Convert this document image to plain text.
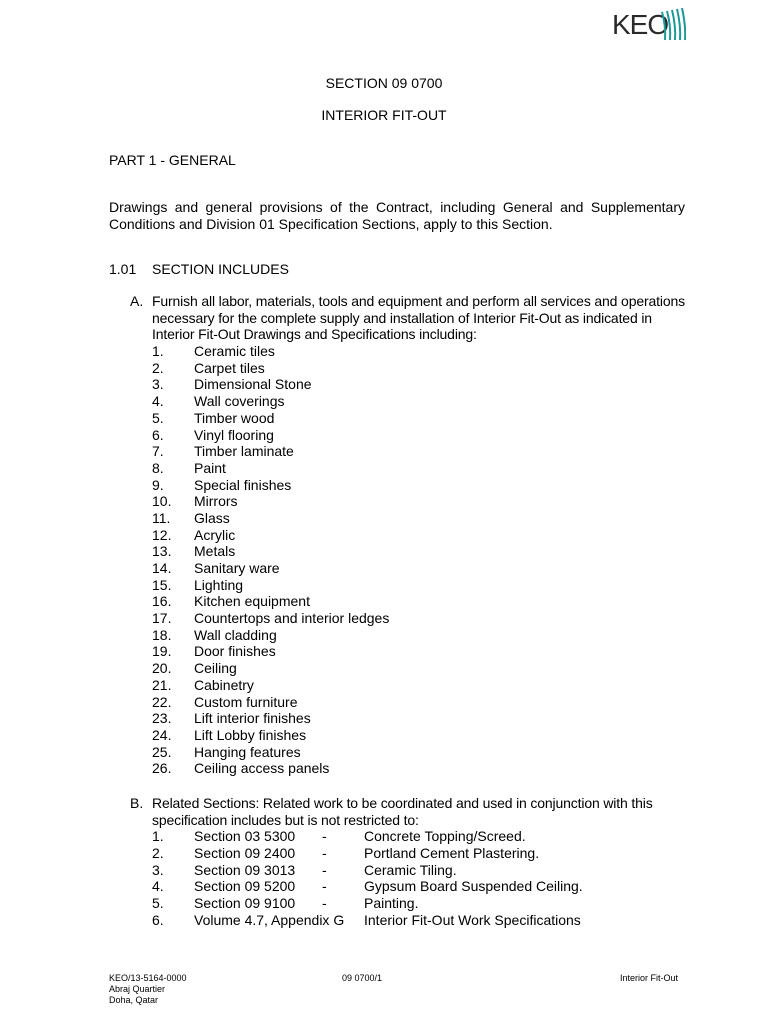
KEO
SECTION 09 0700
INTERIOR FIT-OUT
PART 1 - GENERAL
Drawings and general provisions of the Contract, including General and Supplementary Conditions and Division 01 Specification Sections, apply to this Section.
1.01 SECTION INCLUDES
A. Furnish all labor, materials, tools and equipment and perform all services and operations necessary for the complete supply and installation of Interior Fit-Out as indicated in Interior Fit-Out Drawings and Specifications including:
1. Ceramic tiles
2. Carpet tiles
3. Dimensional Stone
4. Wall coverings
5. Timber wood
6. Vinyl flooring
7. Timber laminate
8. Paint
9. Special finishes
10. Mirrors
11. Glass
12. Acrylic
13. Metals
14. Sanitary ware
15. Lighting
16. Kitchen equipment
17. Countertops and interior ledges
18. Wall cladding
19. Door finishes
20. Ceiling
21. Cabinetry
22. Custom furniture
23. Lift interior finishes
24. Lift Lobby finishes
25. Hanging features
26. Ceiling access panels
B. Related Sections: Related work to be coordinated and used in conjunction with this specification includes but is not restricted to:
1. Section 03 5300 -	Concrete Topping/Screed.
2. Section 09 2400 -	Portland Cement Plastering.
3. Section 09 3013 -	Ceramic Tiling.
4. Section 09 5200 -	Gypsum Board Suspended Ceiling.
5. Section 09 9100 -	Painting.
6. Volume 4.7, Appendix G Interior Fit-Out Work Specifications
KEO/13-5164-0000
Abraj Quartier
Doha, Qatar
09 0700/1	Interior Fit-Out
